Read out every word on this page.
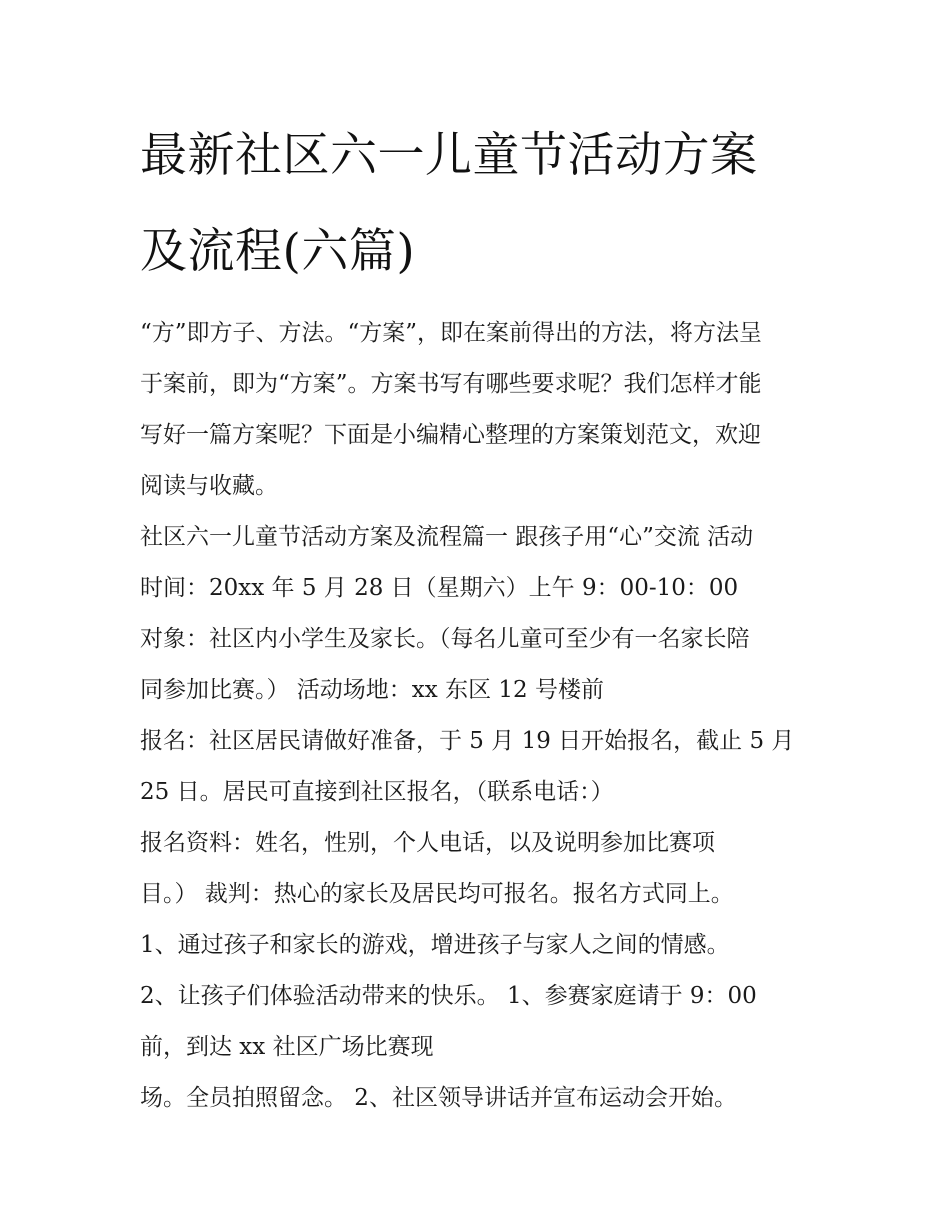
最新社区六一儿童节活动方案
及流程(六篇)
“方”即方子、方法。“方案”，即在案前得出的方法，将方法呈
于案前，即为“方案”。方案书写有哪些要求呢？我们怎样才能
写好一篇方案呢？下面是小编精心整理的方案策划范文，欢迎
阅读与收藏。
社区六一儿童节活动方案及流程篇一 跟孩子用“心”交流 活动
时间：20xx 年 5 月 28 日（星期六）上午 9：00-10：00
对象：社区内小学生及家长。（每名儿童可至少有一名家长陪
同参加比赛。） 活动场地：xx 东区 12 号楼前
报名：社区居民请做好准备，于 5 月 19 日开始报名，截止 5 月
25 日。居民可直接到社区报名，（联系电话：）
报名资料：姓名，性别，个人电话，以及说明参加比赛项
目。） 裁判：热心的家长及居民均可报名。报名方式同上。
1、通过孩子和家长的游戏，增进孩子与家人之间的情感。
2、让孩子们体验活动带来的快乐。 1、参赛家庭请于 9：00
前，到达 xx 社区广场比赛现
场。全员拍照留念。 2、社区领导讲话并宣布运动会开始。
